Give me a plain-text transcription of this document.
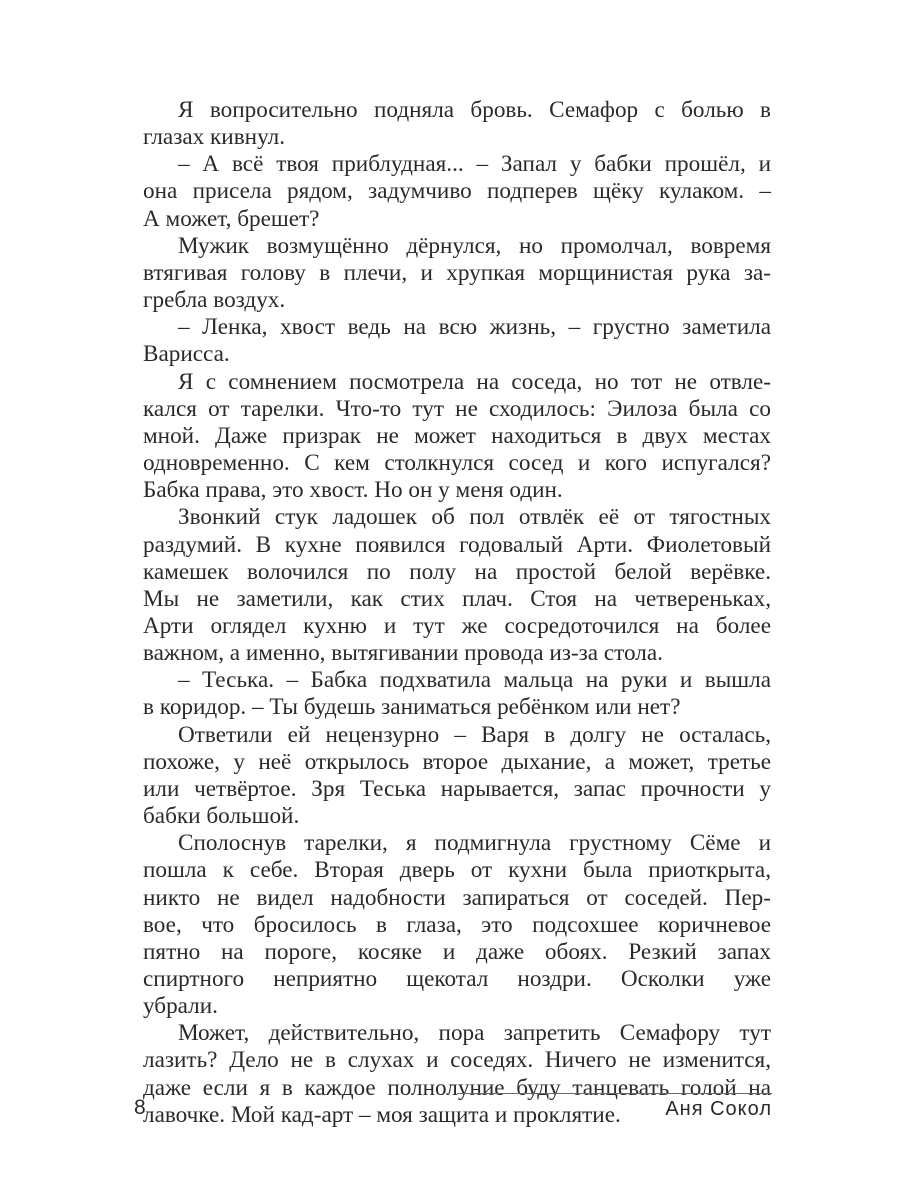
Я вопросительно подняла бровь. Семафор с болью в
глазах кивнул.
– А всё твоя приблудная... – Запал у бабки прошёл, и
она присела рядом, задумчиво подперев щёку кулаком. –
А может, брешет?
Мужик возмущённо дёрнулся, но промолчал, вовремя
втягивая голову в плечи, и хрупкая морщинистая рука за-
гребла воздух.
– Ленка, хвост ведь на всю жизнь, – грустно заметила
Варисса.
Я с сомнением посмотрела на соседа, но тот не отвле-
кался от тарелки. Что-то тут не сходилось: Эилоза была со
мной. Даже призрак не может находиться в двух местах
одновременно. С кем столкнулся сосед и кого испугался?
Бабка права, это хвост. Но он у меня один.
Звонкий стук ладошек об пол отвлёк её от тягостных
раздумий. В кухне появился годовалый Арти. Фиолетовый
камешек волочился по полу на простой белой верёвке.
Мы не заметили, как стих плач. Стоя на четвереньках,
Арти оглядел кухню и тут же сосредоточился на более
важном, а именно, вытягивании провода из-за стола.
– Теська. – Бабка подхватила мальца на руки и вышла
в коридор. – Ты будешь заниматься ребёнком или нет?
Ответили ей нецензурно – Варя в долгу не осталась,
похоже, у неё открылось второе дыхание, а может, третье
или четвёртое. Зря Теська нарывается, запас прочности у
бабки большой.
Сполоснув тарелки, я подмигнула грустному Сёме и
пошла к себе. Вторая дверь от кухни была приоткрыта,
никто не видел надобности запираться от соседей. Пер-
вое, что бросилось в глаза, это подсохшее коричневое
пятно на пороге, косяке и даже обоях. Резкий запах
спиртного неприятно щекотал ноздри. Осколки уже
убрали.
Может, действительно, пора запретить Семафору тут
лазить? Дело не в слухах и соседях. Ничего не изменится,
даже если я в каждое полнолуние буду танцевать голой на
лавочке. Мой кад-арт – моя защита и проклятие.
8	Аня Сокол
